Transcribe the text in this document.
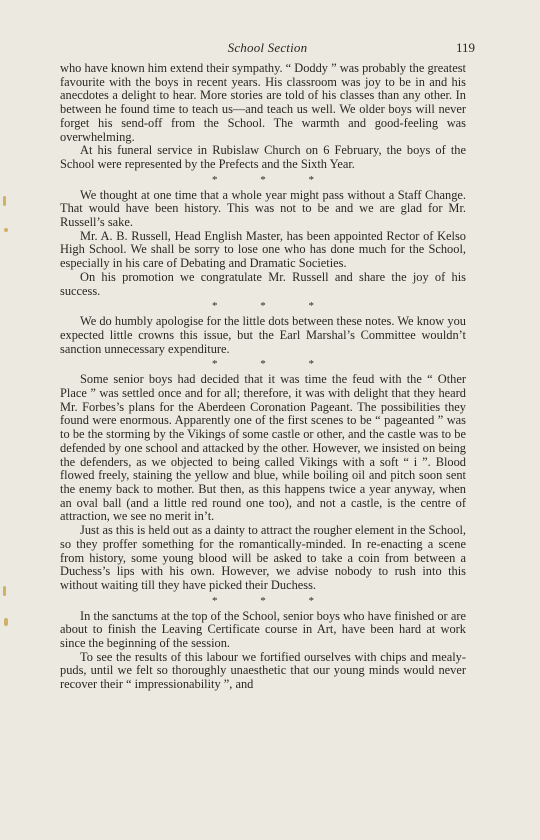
School Section	119

who have known him extend their sympathy. “ Doddy ” was probably the greatest favourite with the boys in recent years. His classroom was joy to be in and his anecdotes a delight to hear. More stories are told of his classes than any other. In between he found time to teach us—and teach us well. We older boys will never forget his send-off from the School. The warmth and good-feeling was overwhelming.

At his funeral service in Rubislaw Church on 6 February, the boys of the School were represented by the Prefects and the Sixth Year.

* * *

We thought at one time that a whole year might pass without a Staff Change. That would have been history. This was not to be and we are glad for Mr. Russell’s sake.

Mr. A. B. Russell, Head English Master, has been appointed Rector of Kelso High School. We shall be sorry to lose one who has done much for the School, especially in his care of Debating and Dramatic Societies.

On his promotion we congratulate Mr. Russell and share the joy of his success.

* * *

We do humbly apologise for the little dots between these notes. We know you expected little crowns this issue, but the Earl Marshal’s Committee wouldn’t sanction unnecessary expenditure.

* * *

Some senior boys had decided that it was time the feud with the “ Other Place ” was settled once and for all; therefore, it was with delight that they heard Mr. Forbes’s plans for the Aberdeen Coronation Pageant. The possibilities they found were enormous. Apparently one of the first scenes to be “ pageanted ” was to be the storming by the Vikings of some castle or other, and the castle was to be defended by one school and attacked by the other. However, we insisted on being the defenders, as we objected to being called Vikings with a soft “ i ”. Blood flowed freely, staining the yellow and blue, while boiling oil and pitch soon sent the enemy back to mother. But then, as this happens twice a year anyway, when an oval ball (and a little red round one too), and not a castle, is the centre of attraction, we see no merit in’t.

Just as this is held out as a dainty to attract the rougher element in the School, so they proffer something for the romantically-minded. In re-enacting a scene from history, some young blood will be asked to take a coin from between a Duchess’s lips with his own. However, we advise nobody to rush into this without waiting till they have picked their Duchess.

* * *

In the sanctums at the top of the School, senior boys who have finished or are about to finish the Leaving Certificate course in Art, have been hard at work since the beginning of the session.

To see the results of this labour we fortified ourselves with chips and mealy-puds, until we felt so thoroughly unaesthetic that our young minds would never recover their “ impressionability ”, and
